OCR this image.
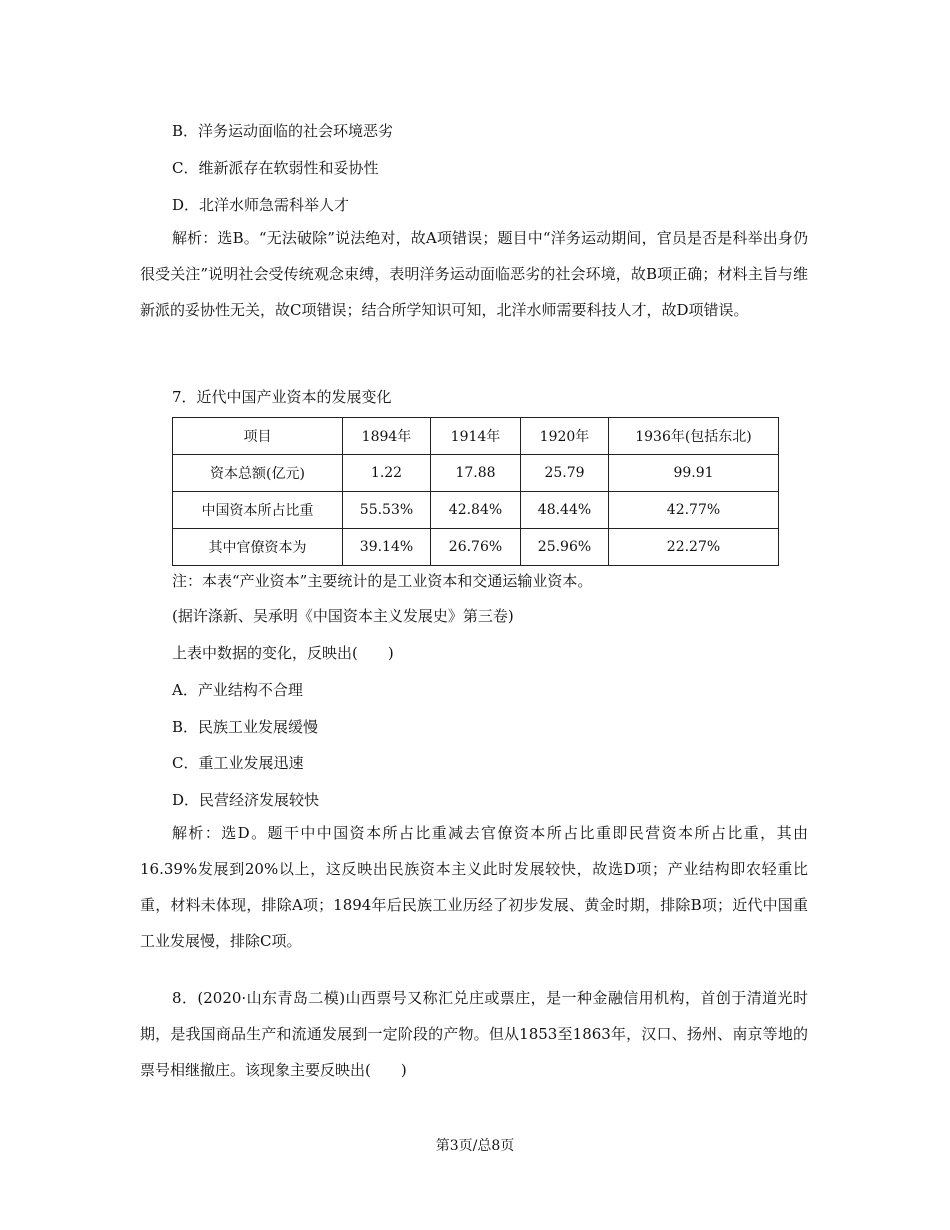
B．洋务运动面临的社会环境恶劣
C．维新派存在软弱性和妥协性
D．北洋水师急需科举人才
解析：选B。“无法破除”说法绝对，故A项错误；题目中“洋务运动期间，官员是否是科举出身仍很受关注”说明社会受传统观念束缚，表明洋务运动面临恶劣的社会环境，故B项正确；材料主旨与维新派的妥协性无关，故C项错误；结合所学知识可知，北洋水师需要科技人才，故D项错误。
7．近代中国产业资本的发展变化
项目	1894年	1914年	1920年	1936年(包括东北)
资本总额(亿元)	1.22	17.88	25.79	99.91
中国资本所占比重	55.53%	42.84%	48.44%	42.77%
其中官僚资本为	39.14%	26.76%	25.96%	22.27%
注：本表“产业资本”主要统计的是工业资本和交通运输业资本。
(据许涤新、吴承明《中国资本主义发展史》第三卷)
上表中数据的变化，反映出(　　)
A．产业结构不合理
B．民族工业发展缓慢
C．重工业发展迅速
D．民营经济发展较快
解析：选D。题干中中国资本所占比重减去官僚资本所占比重即民营资本所占比重，其由16.39%发展到20%以上，这反映出民族资本主义此时发展较快，故选D项；产业结构即农轻重比重，材料未体现，排除A项；1894年后民族工业历经了初步发展、黄金时期，排除B项；近代中国重工业发展慢，排除C项。
8．(2020·山东青岛二模)山西票号又称汇兑庄或票庄，是一种金融信用机构，首创于清道光时期，是我国商品生产和流通发展到一定阶段的产物。但从1853至1863年，汉口、扬州、南京等地的票号相继撤庄。该现象主要反映出(　　)
第3页/总8页
